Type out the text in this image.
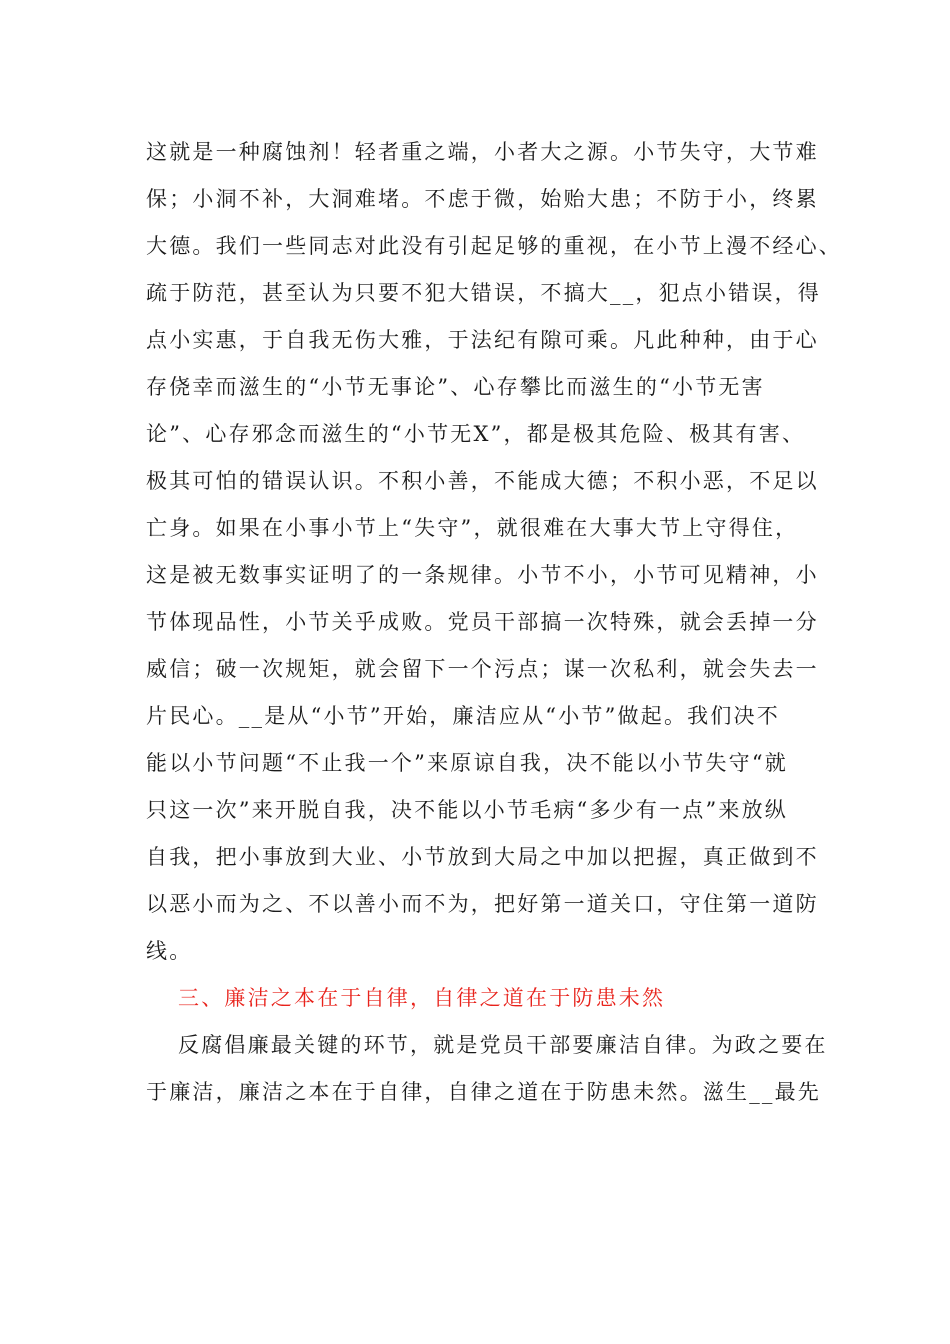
这就是一种腐蚀剂！轻者重之端，小者大之源。小节失守，大节难
保；小洞不补，大洞难堵。不虑于微，始贻大患；不防于小，终累
大德。我们一些同志对此没有引起足够的重视，在小节上漫不经心、
疏于防范，甚至认为只要不犯大错误，不搞大__，犯点小错误，得
点小实惠，于自我无伤大雅，于法纪有隙可乘。凡此种种，由于心
存侥幸而滋生的“小节无事论”、心存攀比而滋生的“小节无害
论”、心存邪念而滋生的“小节无X”，都是极其危险、极其有害、
极其可怕的错误认识。不积小善，不能成大德；不积小恶，不足以
亡身。如果在小事小节上“失守”，就很难在大事大节上守得住，
这是被无数事实证明了的一条规律。小节不小，小节可见精神，小
节体现品性，小节关乎成败。党员干部搞一次特殊，就会丢掉一分
威信；破一次规矩，就会留下一个污点；谋一次私利，就会失去一
片民心。__是从“小节”开始，廉洁应从“小节”做起。我们决不
能以小节问题“不止我一个”来原谅自我，决不能以小节失守“就
只这一次”来开脱自我，决不能以小节毛病“多少有一点”来放纵
自我，把小事放到大业、小节放到大局之中加以把握，真正做到不
以恶小而为之、不以善小而不为，把好第一道关口，守住第一道防
线。
三、廉洁之本在于自律，自律之道在于防患未然
反腐倡廉最关键的环节，就是党员干部要廉洁自律。为政之要在
于廉洁，廉洁之本在于自律，自律之道在于防患未然。滋生__最先
